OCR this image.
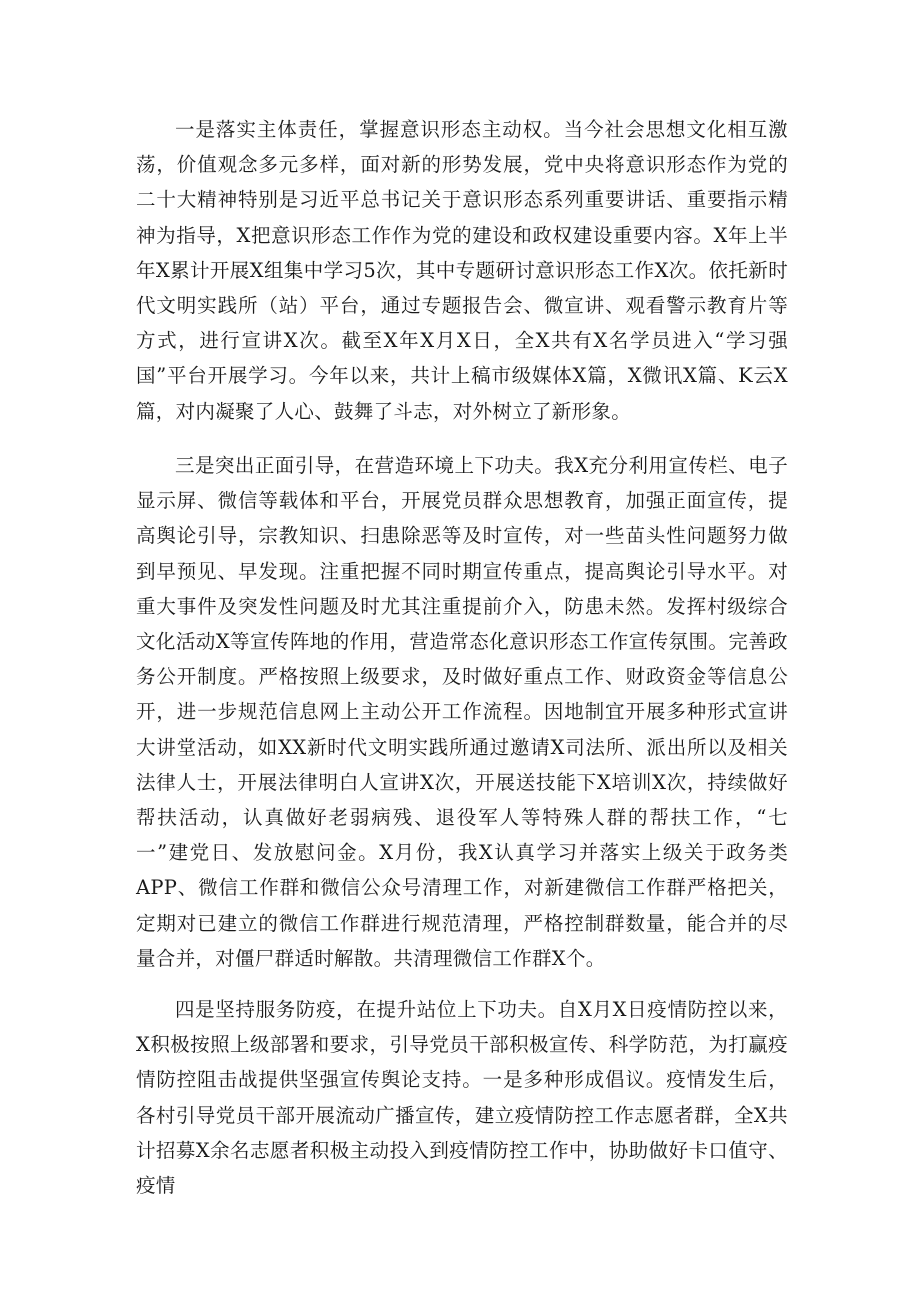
一是落实主体责任，掌握意识形态主动权。当今社会思想文化相互激荡，价值观念多元多样，面对新的形势发展，党中央将意识形态作为党的二十大精神特别是习近平总书记关于意识形态系列重要讲话、重要指示精神为指导，X把意识形态工作作为党的建设和政权建设重要内容。X年上半年X累计开展X组集中学习5次，其中专题研讨意识形态工作X次。依托新时代文明实践所（站）平台，通过专题报告会、微宣讲、观看警示教育片等方式，进行宣讲X次。截至X年X月X日，全X共有X名学员进入“学习强国”平台开展学习。今年以来，共计上稿市级媒体X篇，X微讯X篇、K云X篇，对内凝聚了人心、鼓舞了斗志，对外树立了新形象。

三是突出正面引导，在营造环境上下功夫。我X充分利用宣传栏、电子显示屏、微信等载体和平台，开展党员群众思想教育，加强正面宣传，提高舆论引导，宗教知识、扫患除恶等及时宣传，对一些苗头性问题努力做到早预见、早发现。注重把握不同时期宣传重点，提高舆论引导水平。对重大事件及突发性问题及时尤其注重提前介入，防患未然。发挥村级综合文化活动X等宣传阵地的作用，营造常态化意识形态工作宣传氛围。完善政务公开制度。严格按照上级要求，及时做好重点工作、财政资金等信息公开，进一步规范信息网上主动公开工作流程。因地制宜开展多种形式宣讲大讲堂活动，如XX新时代文明实践所通过邀请X司法所、派出所以及相关法律人士，开展法律明白人宣讲X次，开展送技能下X培训X次，持续做好帮扶活动，认真做好老弱病残、退役军人等特殊人群的帮扶工作，“七一”建党日、发放慰问金。X月份，我X认真学习并落实上级关于政务类APP、微信工作群和微信公众号清理工作，对新建微信工作群严格把关，定期对已建立的微信工作群进行规范清理，严格控制群数量，能合并的尽量合并，对僵尸群适时解散。共清理微信工作群X个。

四是坚持服务防疫，在提升站位上下功夫。自X月X日疫情防控以来，X积极按照上级部署和要求，引导党员干部积极宣传、科学防范，为打赢疫情防控阻击战提供坚强宣传舆论支持。一是多种形成倡议。疫情发生后，各村引导党员干部开展流动广播宣传，建立疫情防控工作志愿者群，全X共计招募X余名志愿者积极主动投入到疫情防控工作中，协助做好卡口值守、疫情
